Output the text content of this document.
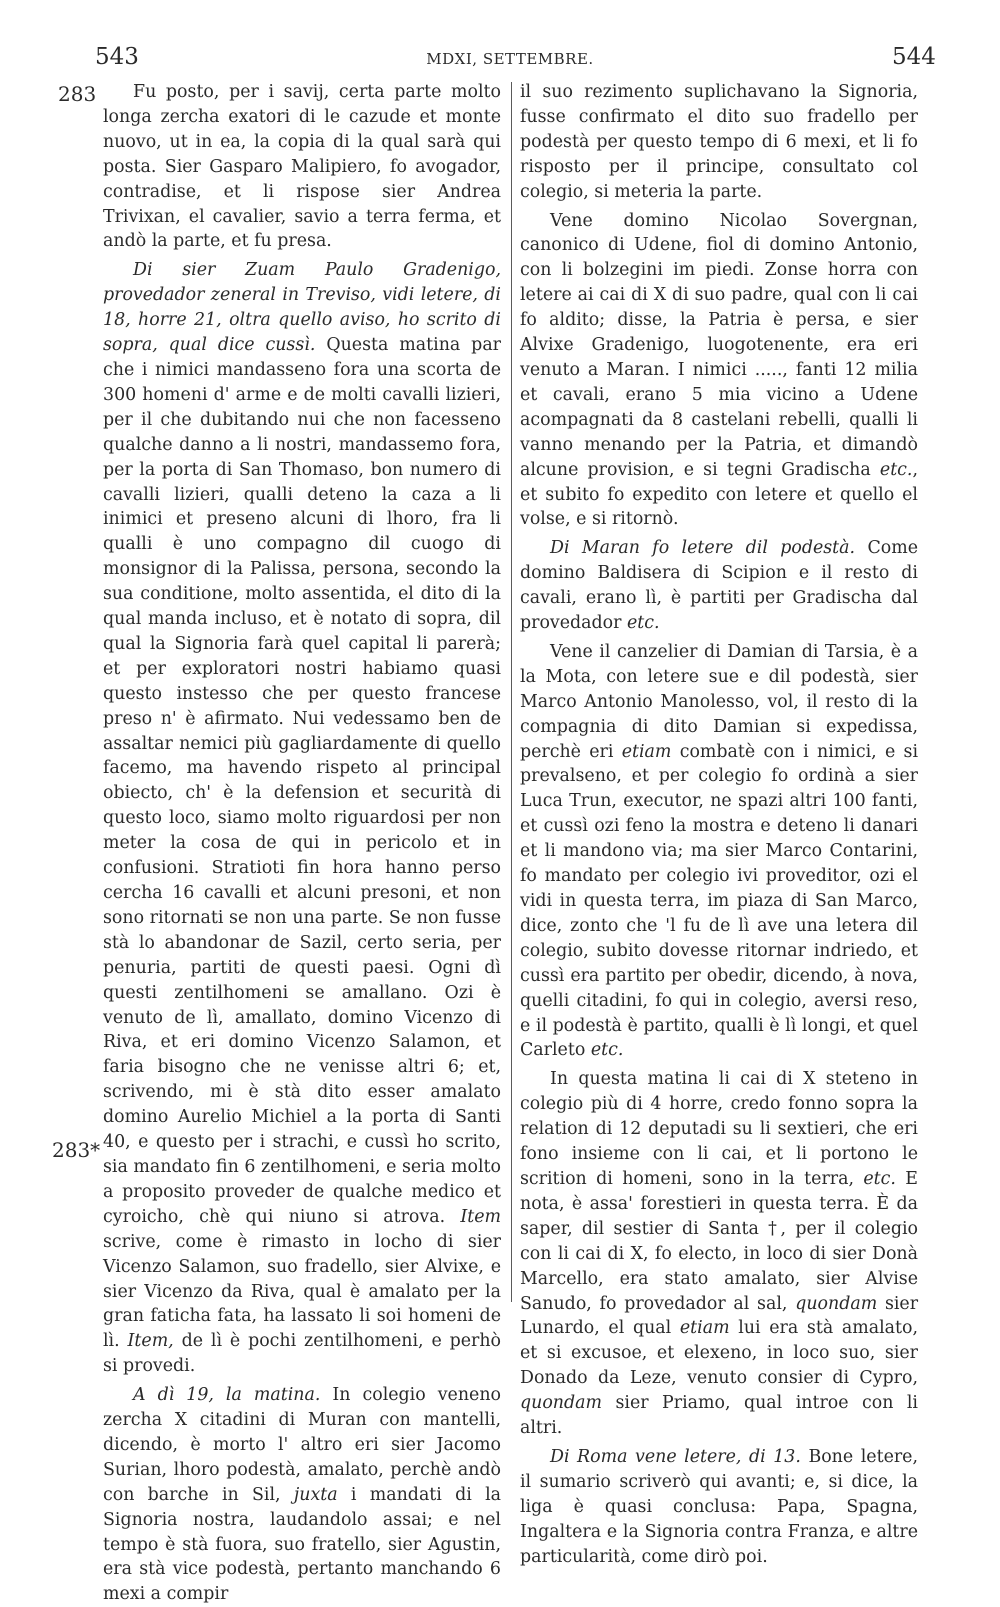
543	MDXI, SETTEMBRE.	544
283
283*

Fu posto, per i savij, certa parte molto longa zercha exatori di le cazude et monte nuovo, ut in ea, la copia di la qual sarà qui posta. Sier Gasparo Malipiero, fo avogador, contradise, et li rispose sier Andrea Trivixan, el cavalier, savio a terra ferma, et andò la parte, et fu presa.

Di sier Zuam Paulo Gradenigo, provedador zeneral in Treviso, vidi letere, di 18, horre 21, oltra quello aviso, ho scrito di sopra, qual dice cussì. Questa matina par che i nimici mandasseno fora una scorta de 300 homeni d' arme e de molti cavalli lizieri, per il che dubitando nui che non facesseno qualche danno a li nostri, mandassemo fora, per la porta di San Thomaso, bon numero di cavalli lizieri, qualli deteno la caza a li inimici et preseno alcuni di lhoro, fra li qualli è uno compagno dil cuogo di monsignor di la Palissa, persona, secondo la sua conditione, molto assentida, el dito di la qual manda incluso, et è notato di sopra, dil qual la Signoria farà quel capital li parerà; et per exploratori nostri habiamo quasi questo instesso che per questo francese preso n' è afirmato. Nui vedessamo ben de assaltar nemici più gagliardamente di quello facemo, ma havendo rispeto al principal obiecto, ch' è la defension et securità di questo loco, siamo molto riguardosi per non meter la cosa de qui in pericolo et in confusioni. Stratioti fin hora hanno perso cercha 16 cavalli et alcuni presoni, et non sono ritornati se non una parte. Se non fusse stà lo abandonar de Sazil, certo seria, per penuria, partiti de questi paesi. Ogni dì questi zentilhomeni se amallano. Ozi è venuto de lì, amallato, domino Vicenzo di Riva, et eri domino Vicenzo Salamon, et faria bisogno che ne venisse altri 6; et, scrivendo, mi è stà dito esser amalato domino Aurelio Michiel a la porta di Santi 40, e questo per i strachi, e cussì ho scrito, sia mandato fin 6 zentilhomeni, e seria molto a proposito proveder de qualche medico et cyroicho, chè qui niuno si atrova. Item scrive, come è rimasto in locho di sier Vicenzo Salamon, suo fradello, sier Alvixe, e sier Vicenzo da Riva, qual è amalato per la gran faticha fata, ha lassato li soi homeni de lì. Item, de lì è pochi zentilhomeni, e perhò si provedi.

A dì 19, la matina. In colegio veneno zercha X citadini di Muran con mantelli, dicendo, è morto l' altro eri sier Jacomo Surian, lhoro podestà, amalato, perchè andò con barche in Sil, juxta i mandati di la Signoria nostra, laudandolo assai; e nel tempo è stà fuora, suo fratello, sier Agustin, era stà vice podestà, pertanto manchando 6 mexi a compir

il suo rezimento suplichavano la Signoria, fusse confirmato el dito suo fradello per podestà per questo tempo di 6 mexi, et li fo risposto per il principe, consultato col colegio, si meteria la parte.

Vene domino Nicolao Sovergnan, canonico di Udene, fiol di domino Antonio, con li bolzegini im piedi. Zonse horra con letere ai cai di X di suo padre, qual con li cai fo aldito; disse, la Patria è persa, e sier Alvixe Gradenigo, luogotenente, era eri venuto a Maran. I nimici ....., fanti 12 milia et cavali, erano 5 mia vicino a Udene acompagnati da 8 castelani rebelli, qualli li vanno menando per la Patria, et dimandò alcune provision, e si tegni Gradischa etc., et subito fo expedito con letere et quello el volse, e si ritornò.

Di Maran fo letere dil podestà. Come domino Baldisera di Scipion e il resto di cavali, erano lì, è partiti per Gradischa dal provedador etc.

Vene il canzelier di Damian di Tarsia, è a la Mota, con letere sue e dil podestà, sier Marco Antonio Manolesso, vol, il resto di la compagnia di dito Damian si expedissa, perchè eri etiam combatè con i nimici, e si prevalseno, et per colegio fo ordinà a sier Luca Trun, executor, ne spazi altri 100 fanti, et cussì ozi feno la mostra e deteno li danari et li mandono via; ma sier Marco Contarini, fo mandato per colegio ivi proveditor, ozi el vidi in questa terra, im piaza di San Marco, dice, zonto che 'l fu de lì ave una letera dil colegio, subito dovesse ritornar indriedo, et cussì era partito per obedir, dicendo, à nova, quelli citadini, fo qui in colegio, aversi reso, e il podestà è partito, qualli è lì longi, et quel Carleto etc.

In questa matina li cai di X steteno in colegio più di 4 horre, credo fonno sopra la relation di 12 deputadi su li sextieri, che eri fono insieme con li cai, et li portono le scrition di homeni, sono in la terra, etc. E nota, è assa' forestieri in questa terra. È da saper, dil sestier di Santa †, per il colegio con li cai di X, fo electo, in loco di sier Donà Marcello, era stato amalato, sier Alvise Sanudo, fo provedador al sal, quondam sier Lunardo, el qual etiam lui era stà amalato, et si excusoe, et elexeno, in loco suo, sier Donado da Leze, venuto consier di Cypro, quondam sier Priamo, qual introe con li altri.

Di Roma vene letere, di 13. Bone letere, il sumario scriverò qui avanti; e, si dice, la liga è quasi conclusa: Papa, Spagna, Ingaltera e la Signoria contra Franza, e altre particularità, come dirò poi.
